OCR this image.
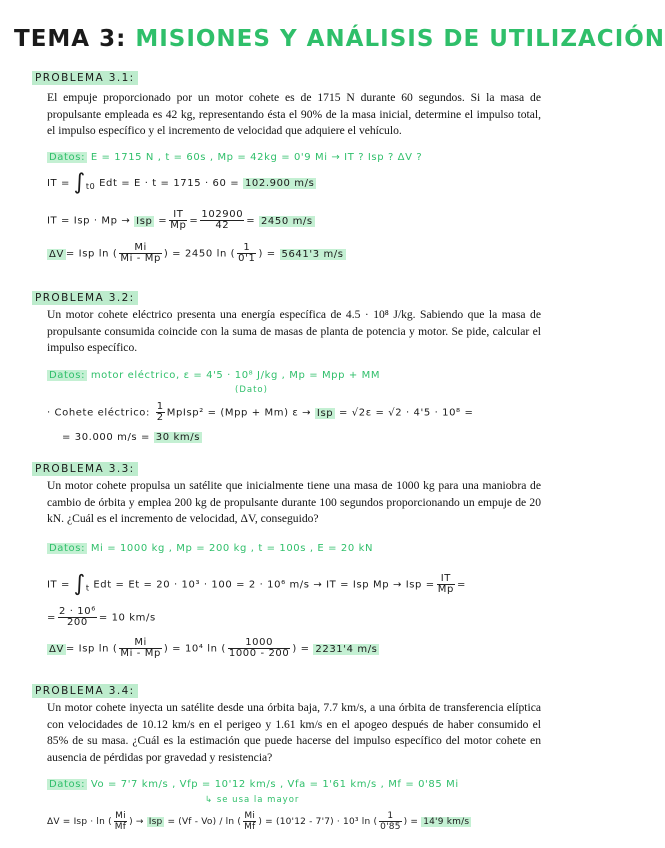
TEMA 3: MISIONES Y ANÁLISIS DE UTILIZACIÓN
PROBLEMA 3.1:
El empuje proporcionado por un motor cohete es de 1715 N durante 60 segundos. Si la masa de propulsante empleada es 42 kg, representando ésta el 90% de la masa inicial, determine el impulso total, el impulso específico y el incremento de velocidad que adquiere el vehículo.
Datos: E = 1715 N , t = 60s , Mp = 42kg = 0'9 Mi → IT ? Isp ? ΔV ?
IT = $\int_{t0}$ Edt = E · t = 1715 · 60 = 102.900 m/s
IT = Isp · Mp → Isp = $\frac{IT}{Mp} = \frac{102900}{42} = 2450$ m/s
ΔV = Isp ln ( $\frac{Mi}{Mi - Mp}$ ) = 2450 ln ( $\frac{1}{0'1}$ ) = 5641'3 m/s
PROBLEMA 3.2:
Un motor cohete eléctrico presenta una energía específica de 4.5 · 10⁸ J/kg. Sabiendo que la masa de propulsante consumida coincide con la suma de masas de planta de potencia y motor. Se pide, calcular el impulso específico.
Datos: motor eléctrico, ɛ = 4'5 · 10⁸ J/kg , Mp = Mpp + MM
(Dato)
· Cohete eléctrico: $\frac{1}{2}$ MpIsp² = (Mpp + Mm) ɛ → Isp = √2ɛ = √2 · 4'5 · 10⁸ =
= 30.000 m/s = 30 km/s
PROBLEMA 3.3:
Un motor cohete propulsa un satélite que inicialmente tiene una masa de 1000 kg para una maniobra de cambio de órbita y emplea 200 kg de propulsante durante 100 segundos proporcionando un empuje de 20 kN. ¿Cuál es el incremento de velocidad, ΔV, conseguido?
Datos: Mi = 1000 kg , Mp = 200 kg , t = 100s , E = 20 kN
IT = $\int_t$ Edt = Et = 20 · 10³ · 100 = 2 · 10⁶ m/s → IT = Isp Mp → Isp = $\frac{IT}{Mp}$ =
= $\frac{\text{2 · 10⁶}}{200} = 10$ km/s
ΔV = Isp ln ( $\frac{Mi}{Mi - Mp}$ ) = 10⁴ ln ( $\frac{1000}{1000 - 200}$ ) = 2231'4 m/s
PROBLEMA 3.4:
Un motor cohete inyecta un satélite desde una órbita baja, 7.7 km/s, a una órbita de transferencia elíptica con velocidades de 10.12 km/s en el perigeo y 1.61 km/s en el apogeo después de haber consumido el 85% de su masa. ¿Cuál es la estimación que puede hacerse del impulso específico del motor cohete en ausencia de pérdidas por gravedad y resistencia?
Datos: Vo = 7'7 km/s , Vfp = 10'12 km/s , Vfa = 1'61 km/s , Mf = 0'85 Mi
↳ se usa la mayor
ΔV = Isp · ln ( $\frac{Mi}{Mf}$ ) → Isp = (Vf - Vo) / ln ( $\frac{Mi}{Mf}$ ) = (10'12 - 7'7) · 10³ ln ( $\frac{1}{0'85}$ ) = 14'9 km/s
